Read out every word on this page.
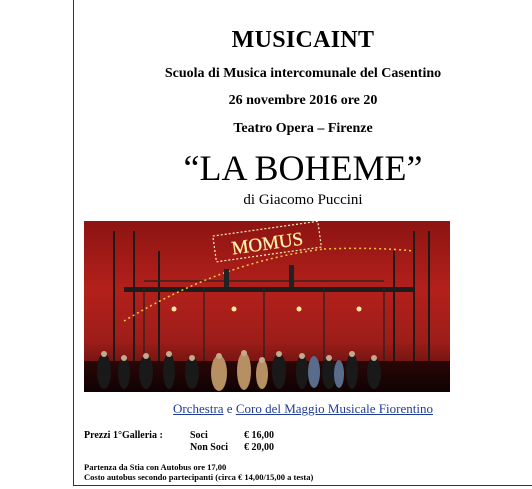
MUSICAINT
Scuola di Musica intercomunale del Casentino
26 novembre 2016 ore 20
Teatro Opera – Firenze
“LA BOHEME”
di Giacomo Puccini
MOMUS
Orchestra e Coro del Maggio Musicale Fiorentino
Prezzi 1°Galleria :	Soci	€ 16,00
Non Soci € 20,00
Partenza da Stia con Autobus ore 17,00
Costo autobus secondo partecipanti (circa € 14,00/15,00 a testa)
